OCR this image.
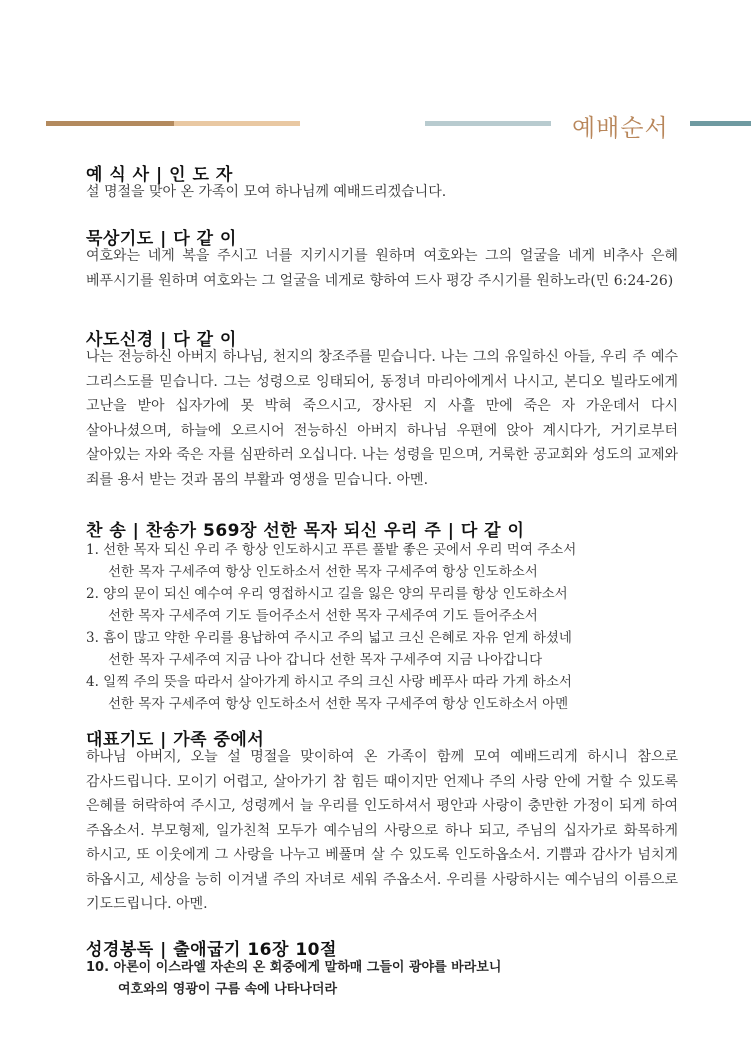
예배순서
예 식 사 | 인 도 자
설 명절을 맞아 온 가족이 모여 하나님께 예배드리겠습니다.
묵상기도 | 다 같 이
여호와는 네게 복을 주시고 너를 지키시기를 원하며 여호와는 그의 얼굴을 네게 비추사 은혜 베푸시기를 원하며 여호와는 그 얼굴을 네게로 향하여 드사 평강 주시기를 원하노라(민 6:24-26)
사도신경 | 다 같 이
나는 전능하신 아버지 하나님, 천지의 창조주를 믿습니다. 나는 그의 유일하신 아들, 우리 주 예수 그리스도를 믿습니다. 그는 성령으로 잉태되어, 동정녀 마리아에게서 나시고, 본디오 빌라도에게 고난을 받아 십자가에 못 박혀 죽으시고, 장사된 지 사흘 만에 죽은 자 가운데서 다시 살아나셨으며, 하늘에 오르시어 전능하신 아버지 하나님 우편에 앉아 계시다가, 거기로부터 살아있는 자와 죽은 자를 심판하러 오십니다. 나는 성령을 믿으며, 거룩한 공교회와 성도의 교제와 죄를 용서 받는 것과 몸의 부활과 영생을 믿습니다. 아멘.
찬 송 | 찬송가 569장 선한 목자 되신 우리 주 | 다 같 이
1. 선한 목자 되신 우리 주 항상 인도하시고 푸른 풀밭 좋은 곳에서 우리 먹여 주소서
선한 목자 구세주여 항상 인도하소서 선한 목자 구세주여 항상 인도하소서
2. 양의 문이 되신 예수여 우리 영접하시고 길을 잃은 양의 무리를 항상 인도하소서
선한 목자 구세주여 기도 들어주소서 선한 목자 구세주여 기도 들어주소서
3. 흠이 많고 약한 우리를 용납하여 주시고 주의 넓고 크신 은혜로 자유 얻게 하셨네
선한 목자 구세주여 지금 나아 갑니다 선한 목자 구세주여 지금 나아갑니다
4. 일찍 주의 뜻을 따라서 살아가게 하시고 주의 크신 사랑 베푸사 따라 가게 하소서
선한 목자 구세주여 항상 인도하소서 선한 목자 구세주여 항상 인도하소서 아멘
대표기도 | 가족 중에서
하나님 아버지, 오늘 설 명절을 맞이하여 온 가족이 함께 모여 예배드리게 하시니 참으로 감사드립니다. 모이기 어렵고, 살아가기 참 힘든 때이지만 언제나 주의 사랑 안에 거할 수 있도록 은혜를 허락하여 주시고, 성령께서 늘 우리를 인도하셔서 평안과 사랑이 충만한 가정이 되게 하여 주옵소서. 부모형제, 일가친척 모두가 예수님의 사랑으로 하나 되고, 주님의 십자가로 화목하게 하시고, 또 이웃에게 그 사랑을 나누고 베풀며 살 수 있도록 인도하옵소서. 기쁨과 감사가 넘치게 하옵시고, 세상을 능히 이겨낼 주의 자녀로 세워 주옵소서. 우리를 사랑하시는 예수님의 이름으로 기도드립니다. 아멘.
성경봉독 | 출애굽기 16장 10절
10. 아론이 이스라엘 자손의 온 회중에게 말하매 그들이 광야를 바라보니
여호와의 영광이 구름 속에 나타나더라
